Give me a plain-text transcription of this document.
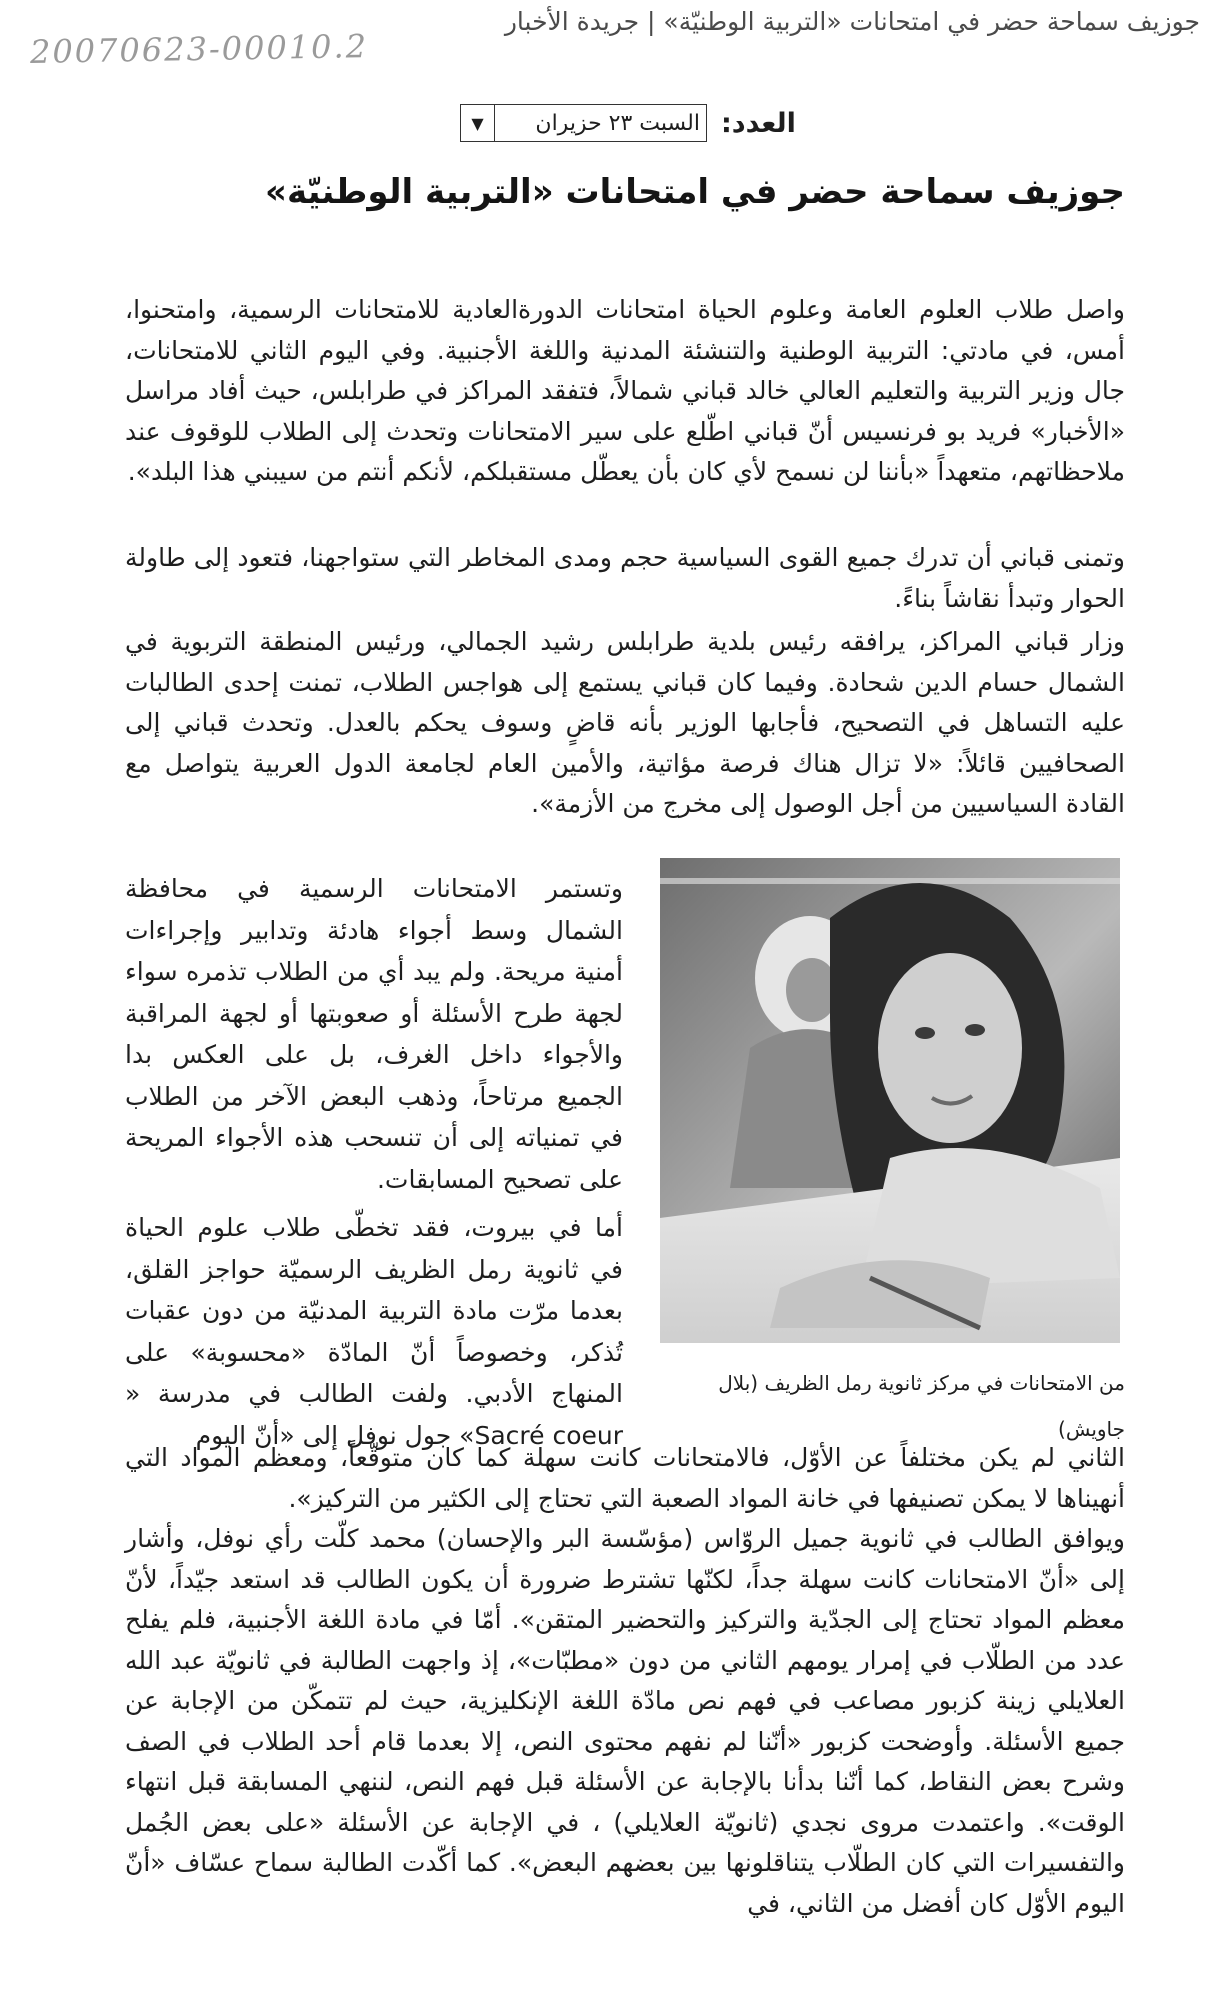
جوزيف سماحة حضر في امتحانات «التربية الوطنيّة» | جريدة الأخبار
20070623-00010.2
▼	السبت ٢٣ حزيران العدد:
جوزيف سماحة حضر في امتحانات «التربية الوطنيّة»

واصل طلاب العلوم العامة وعلوم الحياة امتحانات الدورةالعادية للامتحانات الرسمية، وامتحنوا، أمس، في مادتي: التربية الوطنية والتنشئة المدنية واللغة الأجنبية. وفي اليوم الثاني للامتحانات، جال وزير التربية والتعليم العالي خالد قباني شمالاً، فتفقد المراكز في طرابلس، حيث أفاد مراسل «الأخبار» فريد بو فرنسيس أنّ قباني اطّلع على سير الامتحانات وتحدث إلى الطلاب للوقوف عند ملاحظاتهم، متعهداً «بأننا لن نسمح لأي كان بأن يعطّل مستقبلكم، لأنكم أنتم من سيبني هذا البلد».

وتمنى قباني أن تدرك جميع القوى السياسية حجم ومدى المخاطر التي ستواجهنا، فتعود إلى طاولة الحوار وتبدأ نقاشاً بناءً.

وزار قباني المراكز، يرافقه رئيس بلدية طرابلس رشيد الجمالي، ورئيس المنطقة التربوية في الشمال حسام الدين شحادة. وفيما كان قباني يستمع إلى هواجس الطلاب، تمنت إحدى الطالبات عليه التساهل في التصحيح، فأجابها الوزير بأنه قاضٍ وسوف يحكم بالعدل. وتحدث قباني إلى الصحافيين قائلاً: «لا تزال هناك فرصة مؤاتية، والأمين العام لجامعة الدول العربية يتواصل مع القادة السياسيين من أجل الوصول إلى مخرج من الأزمة».

وتستمر الامتحانات الرسمية في محافظة الشمال وسط أجواء هادئة وتدابير وإجراءات أمنية مريحة. ولم يبد أي من الطلاب تذمره سواء لجهة طرح الأسئلة أو صعوبتها أو لجهة المراقبة والأجواء داخل الغرف، بل على العكس بدا الجميع مرتاحاً، وذهب البعض الآخر من الطلاب في تمنياته إلى أن تنسحب هذه الأجواء المريحة على تصحيح المسابقات.

أما في بيروت، فقد تخطّى طلاب علوم الحياة في ثانوية رمل الظريف الرسميّة حواجز القلق، بعدما مرّت مادة التربية المدنيّة من دون عقبات تُذكر، وخصوصاً أنّ المادّة «محسوبة» على المنهاج الأدبي. ولفت الطالب في مدرسة « Sacré coeur» جول نوفل إلى «أنّ اليوم

من الامتحانات في مركز ثانوية رمل الظريف (بلال جاويش)

الثاني لم يكن مختلفاً عن الأوّل، فالامتحانات كانت سهلة كما كان متوقّعاً، ومعظم المواد التي أنهيناها لا يمكن تصنيفها في خانة المواد الصعبة التي تحتاج إلى الكثير من التركيز».

ويوافق الطالب في ثانوية جميل الروّاس (مؤسّسة البر والإحسان) محمد كلّت رأي نوفل، وأشار إلى «أنّ الامتحانات كانت سهلة جداً، لكنّها تشترط ضرورة أن يكون الطالب قد استعد جيّداً، لأنّ معظم المواد تحتاج إلى الجدّية والتركيز والتحضير المتقن». أمّا في مادة اللغة الأجنبية، فلم يفلح عدد من الطلّاب في إمرار يومهم الثاني من دون «مطبّات»، إذ واجهت الطالبة في ثانويّة عبد الله العلايلي زينة كزبور مصاعب في فهم نص مادّة اللغة الإنكليزية، حيث لم تتمكّن من الإجابة عن جميع الأسئلة. وأوضحت كزبور «أنّنا لم نفهم محتوى النص، إلا بعدما قام أحد الطلاب في الصف وشرح بعض النقاط، كما أنّنا بدأنا بالإجابة عن الأسئلة قبل فهم النص، لننهي المسابقة قبل انتهاء الوقت». واعتمدت مروى نجدي (ثانويّة العلايلي) ، في الإجابة عن الأسئلة «على بعض الجُمل والتفسيرات التي كان الطلّاب يتناقلونها بين بعضهم البعض». كما أكّدت الطالبة سماح عسّاف «أنّ اليوم الأوّل كان أفضل من الثاني، في
